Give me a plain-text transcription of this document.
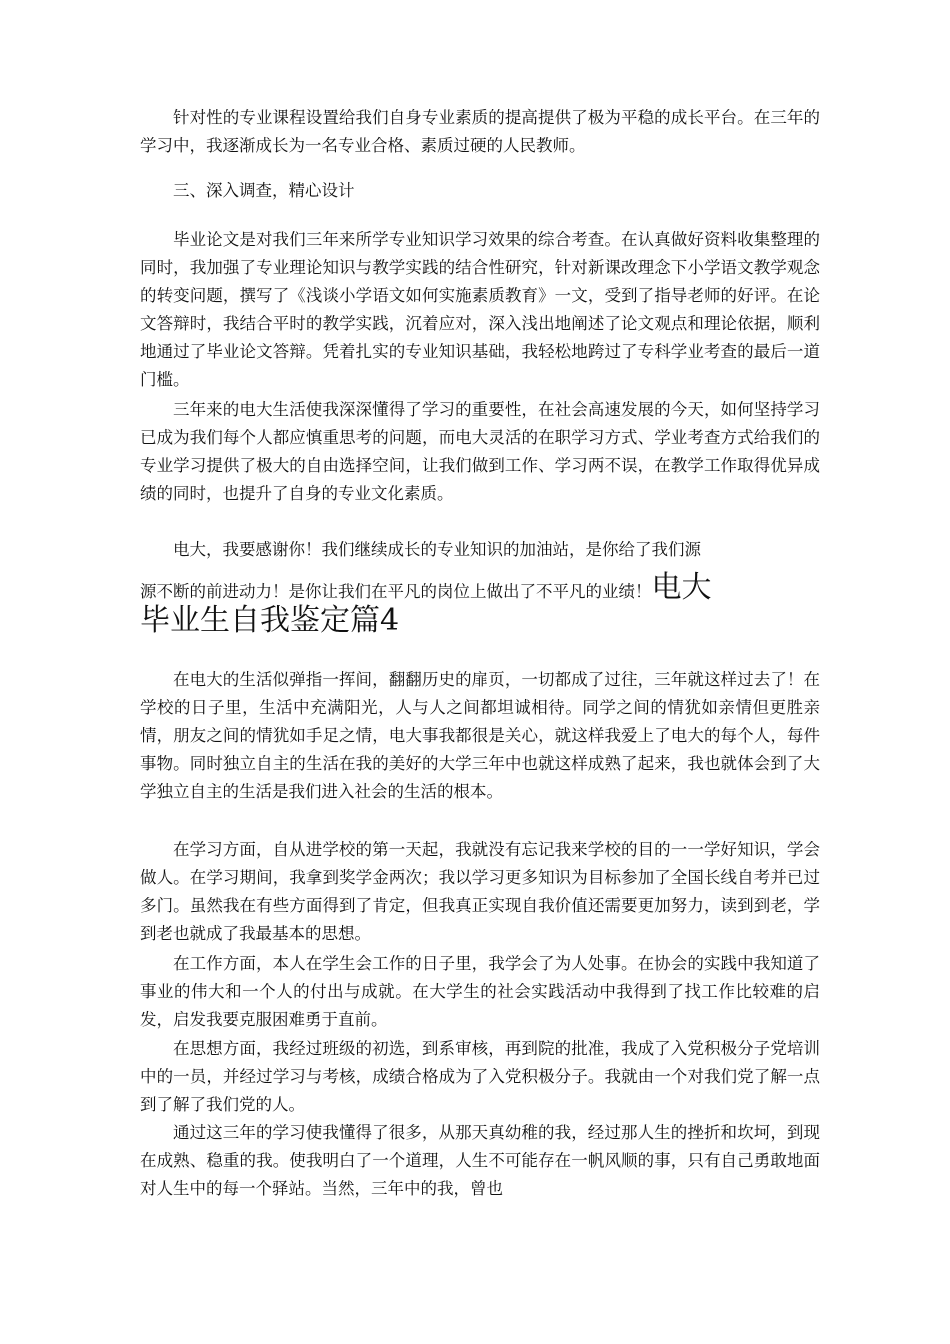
针对性的专业课程设置给我们自身专业素质的提高提供了极为平稳的成长平台。在三年的学习中，我逐渐成长为一名专业合格、素质过硬的人民教师。

三、深入调查，精心设计

毕业论文是对我们三年来所学专业知识学习效果的综合考查。在认真做好资料收集整理的同时，我加强了专业理论知识与教学实践的结合性研究，针对新课改理念下小学语文教学观念的转变问题，撰写了《浅谈小学语文如何实施素质教育》一文，受到了指导老师的好评。在论文答辩时，我结合平时的教学实践，沉着应对，深入浅出地阐述了论文观点和理论依据，顺利地通过了毕业论文答辩。凭着扎实的专业知识基础，我轻松地跨过了专科学业考查的最后一道门槛。

三年来的电大生活使我深深懂得了学习的重要性，在社会高速发展的今天，如何坚持学习已成为我们每个人都应慎重思考的问题，而电大灵活的在职学习方式、学业考查方式给我们的专业学习提供了极大的自由选择空间，让我们做到工作、学习两不误，在教学工作取得优异成绩的同时，也提升了自身的专业文化素质。

电大，我要感谢你！我们继续成长的专业知识的加油站，是你给了我们源

源不断的前进动力！是你让我们在平凡的岗位上做出了不平凡的业绩！电大

毕业生自我鉴定篇4

在电大的生活似弹指一挥间，翻翻历史的扉页，一切都成了过往，三年就这样过去了！在学校的日子里，生活中充满阳光，人与人之间都坦诚相待。同学之间的情犹如亲情但更胜亲情，朋友之间的情犹如手足之情，电大事我都很是关心，就这样我爱上了电大的每个人，每件事物。同时独立自主的生活在我的美好的大学三年中也就这样成熟了起来，我也就体会到了大学独立自主的生活是我们进入社会的生活的根本。

在学习方面，自从进学校的第一天起，我就没有忘记我来学校的目的一一学好知识，学会做人。在学习期间，我拿到奖学金两次；我以学习更多知识为目标参加了全国长线自考并已过多门。虽然我在有些方面得到了肯定，但我真正实现自我价值还需要更加努力，读到到老，学到老也就成了我最基本的思想。

在工作方面，本人在学生会工作的日子里，我学会了为人处事。在协会的实践中我知道了事业的伟大和一个人的付出与成就。在大学生的社会实践活动中我得到了找工作比较难的启发，启发我要克服困难勇于直前。

在思想方面，我经过班级的初选，到系审核，再到院的批准，我成了入党积极分子党培训中的一员，并经过学习与考核，成绩合格成为了入党积极分子。我就由一个对我们党了解一点到了解了我们党的人。

通过这三年的学习使我懂得了很多，从那天真幼稚的我，经过那人生的挫折和坎坷，到现在成熟、稳重的我。使我明白了一个道理，人生不可能存在一帆风顺的事，只有自己勇敢地面对人生中的每一个驿站。当然，三年中的我，曾也
